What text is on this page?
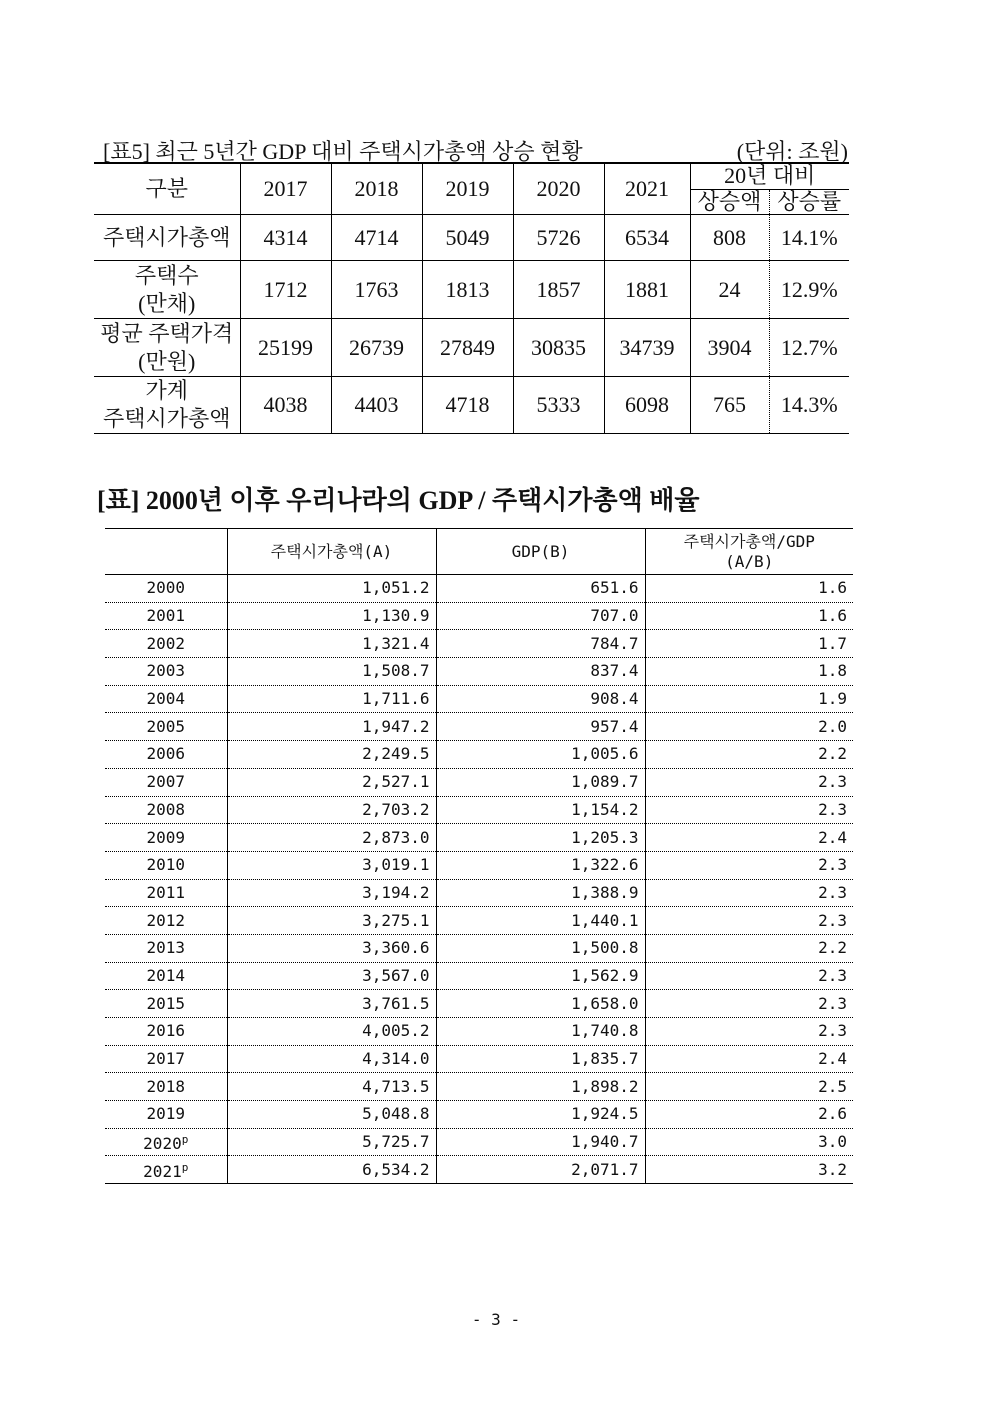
[표5] 최근 5년간 GDP 대비 주택시가총액 상승 현황	(단위: 조원)
구분	2017	2018	2019	2020	2021	20년 대비	
						상승액	상승률
주택시가총액	4314	4714	5049	5726	6534	808	14.1%
주택수
(만채)	1712	1763	1813	1857	1881	24	12.9%
평균 주택가격
(만원)	25199	26739	27849	30835	34739	3904	12.7%
가계
주택시가총액	4038	4403	4718	5333	6098	765	14.3%
[표] 2000년 이후 우리나라의 GDP / 주택시가총액 배율
	주택시가총액(A)	GDP(B)	주택시가총액/GDP
(A/B)
2000	1,051.2	651.6	1.6
2001	1,130.9	707.0	1.6
2002	1,321.4	784.7	1.7
2003	1,508.7	837.4	1.8
2004	1,711.6	908.4	1.9
2005	1,947.2	957.4	2.0
2006	2,249.5	1,005.6	2.2
2007	2,527.1	1,089.7	2.3
2008	2,703.2	1,154.2	2.3
2009	2,873.0	1,205.3	2.4
2010	3,019.1	1,322.6	2.3
2011	3,194.2	1,388.9	2.3
2012	3,275.1	1,440.1	2.3
2013	3,360.6	1,500.8	2.2
2014	3,567.0	1,562.9	2.3
2015	3,761.5	1,658.0	2.3
2016	4,005.2	1,740.8	2.3
2017	4,314.0	1,835.7	2.4
2018	4,713.5	1,898.2	2.5
2019	5,048.8	1,924.5	2.6
2020$^p$	5,725.7	1,940.7	3.0
2021$^p$	6,534.2	2,071.7	3.2
- 3 -
